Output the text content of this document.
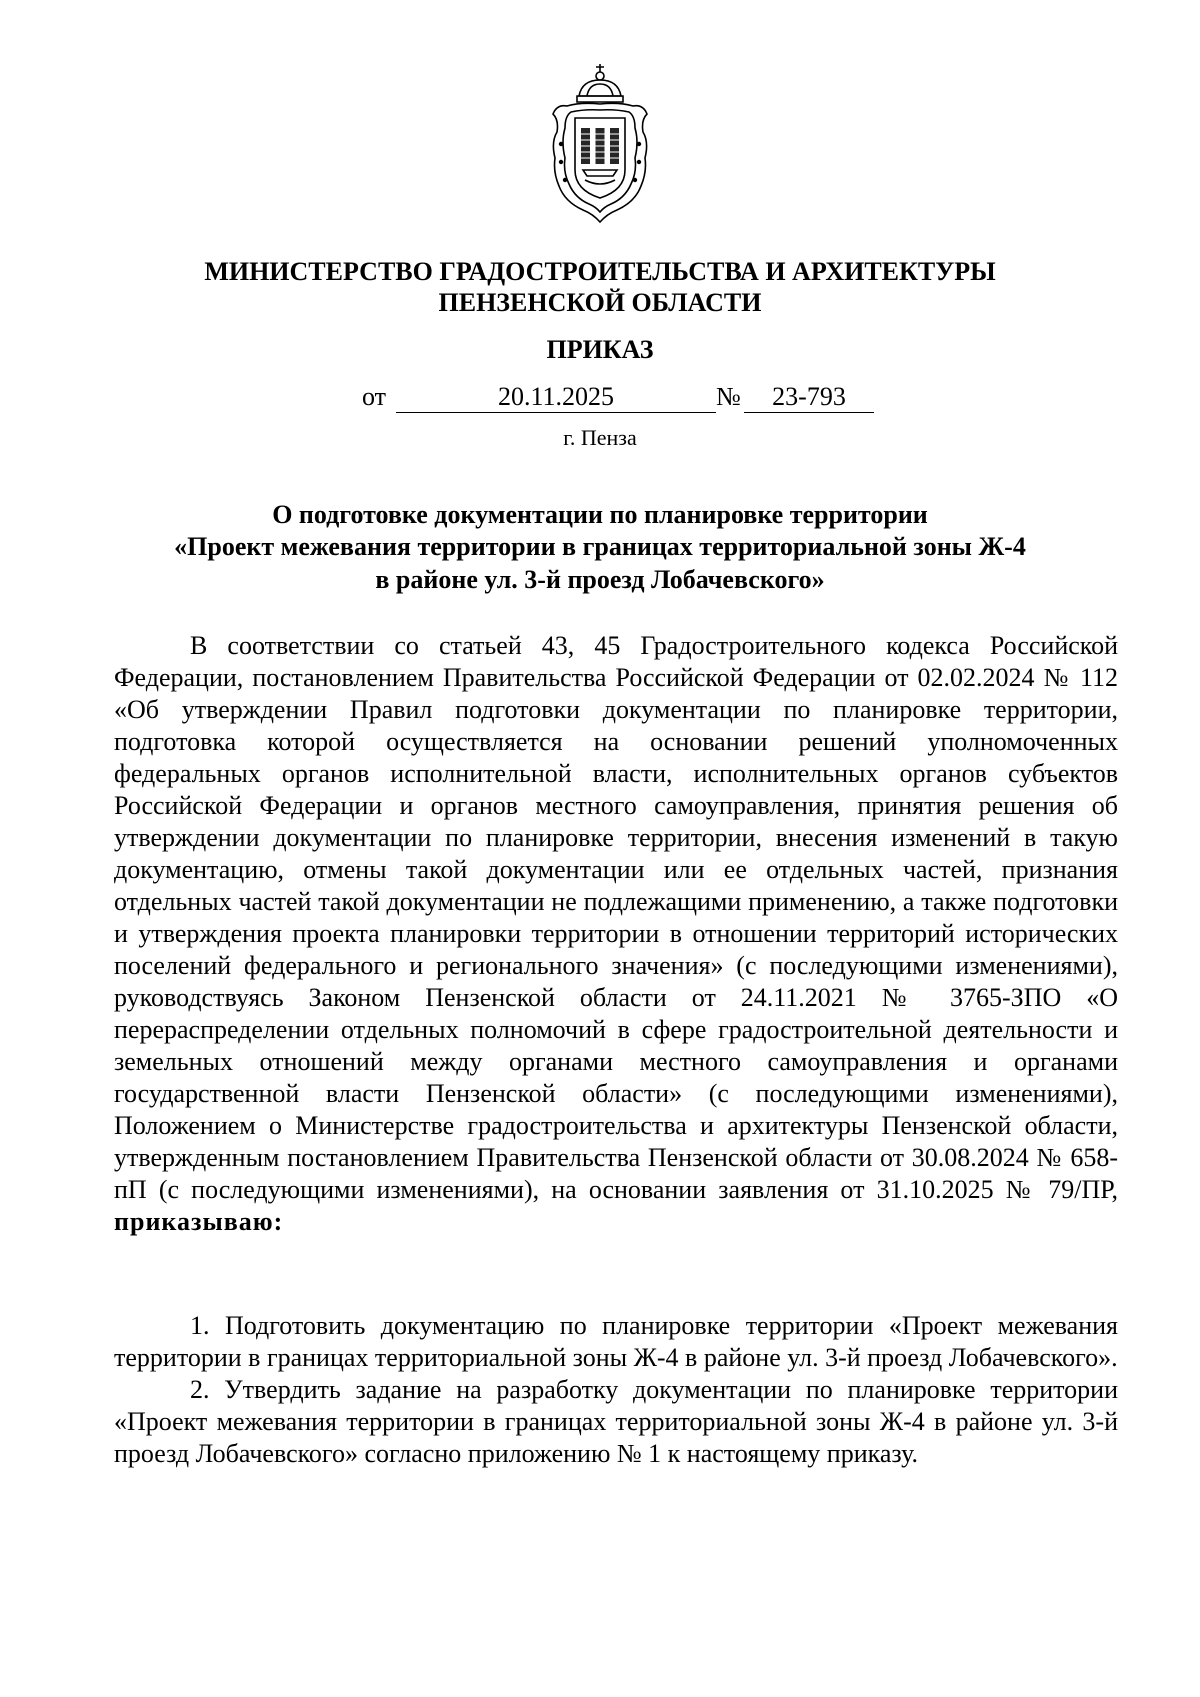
МИНИСТЕРСТВО ГРАДОСТРОИТЕЛЬСТВА И АРХИТЕКТУРЫ
ПЕНЗЕНСКОЙ ОБЛАСТИ
ПРИКАЗ
от	20.11.2025	№	23-793
г. Пенза
О подготовке документации по планировке территории
«Проект межевания территории в границах территориальной зоны Ж-4
в районе ул. 3-й проезд Лобачевского»

В соответствии со статьей 43, 45 Градостроительного кодекса Российской Федерации, постановлением Правительства Российской Федерации от 02.02.2024 № 112 «Об утверждении Правил подготовки документации по планировке территории, подготовка которой осуществляется на основании решений уполномоченных федеральных органов исполнительной власти, исполнительных органов субъектов Российской Федерации и органов местного самоуправления, принятия решения об утверждении документации по планировке территории, внесения изменений в такую документацию, отмены такой документации или ее отдельных частей, признания отдельных частей такой документации не подлежащими применению, а также подготовки и утверждения проекта планировки территории в отношении территорий исторических поселений федерального и регионального значения» (с последующими изменениями), руководствуясь Законом Пензенской области от 24.11.2021 № 3765-ЗПО «О перераспределении отдельных полномочий в сфере градостроительной деятельности и земельных отношений между органами местного самоуправления и органами государственной власти Пензенской области» (с последующими изменениями), Положением о Министерстве градостроительства и архитектуры Пензенской области, утвержденным постановлением Правительства Пензенской области от 30.08.2024 № 658-пП (с последующими изменениями), на основании заявления от 31.10.2025 № 79/ПР, приказываю:

1. Подготовить документацию по планировке территории «Проект межевания территории в границах территориальной зоны Ж-4 в районе ул. 3-й проезд Лобачевского».

2. Утвердить задание на разработку документации по планировке территории «Проект межевания территории в границах территориальной зоны Ж-4 в районе ул. 3-й проезд Лобачевского» согласно приложению № 1 к настоящему приказу.
